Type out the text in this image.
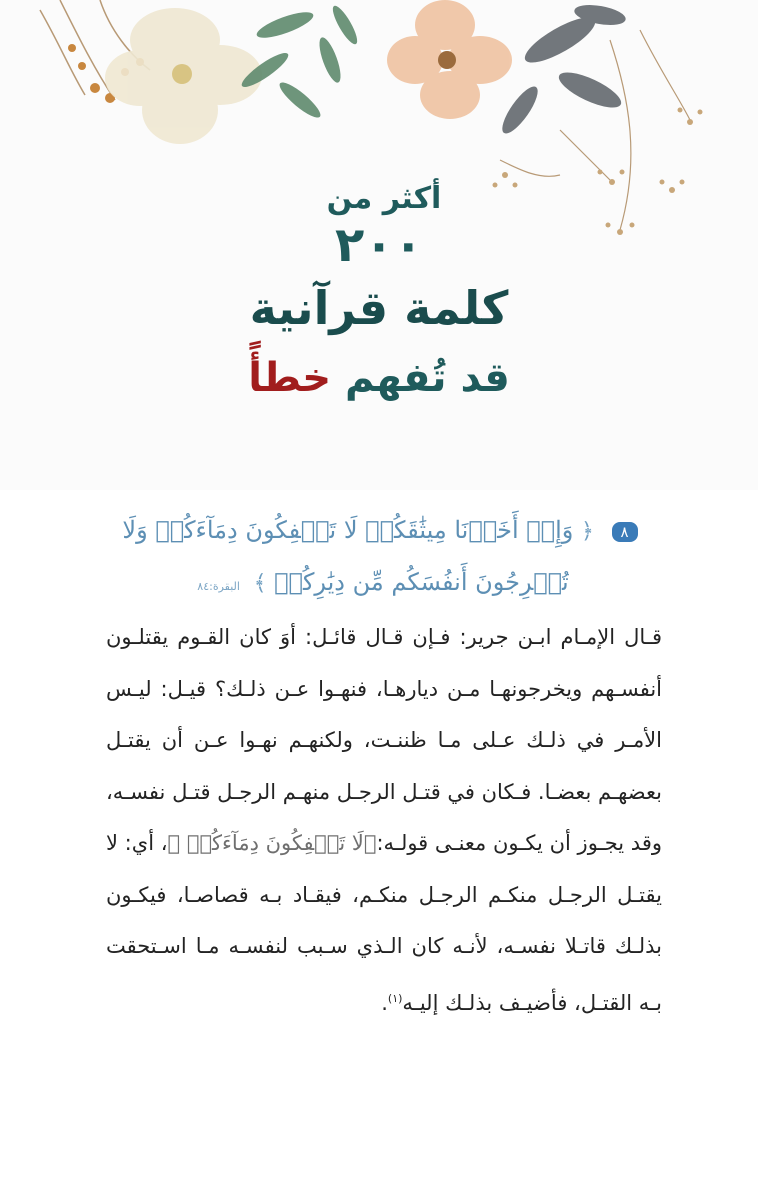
أكثر من
٢٠٠
كلمة قرآنية
قد تُفهم خطأً
٨ ﴿ وَإِذۡ أَخَذۡنَا مِيثَٰقَكُمۡ لَا تَسۡفِكُونَ دِمَآءَكُمۡ وَلَا تُخۡرِجُونَ أَنفُسَكُم مِّن دِيَٰرِكُمۡ ﴾ البقرة:٨٤
قـال الإمـام ابـن جرير: فـإن قـال قائـل: أوَ كان القـوم يقتلـون أنفسـهم ويخرجونهـا مـن ديارهـا، فنهـوا عـن ذلـك؟ قيـل: ليـس الأمـر في ذلـك عـلى مـا ظننـت، ولكنهـم نهـوا عـن أن يقتـل بعضهـم بعضـا. فـكان في قتـل الرجـل منهـم الرجـل قتـل نفسـه، وقد يجـوز أن يكـون معنـى قولـه:﴿لَا تَسۡفِكُونَ دِمَآءَكُمۡ ﴾، أي: لا يقتـل الرجـل منكـم الرجـل منكـم، فيقـاد بـه قصاصـا، فيكـون بذلـك قاتـلا نفسـه، لأنـه كان الـذي سـبب لنفسـه مـا اسـتحقت بـه القتـل، فأضيـف بذلـك إليـه$^{(١)}$.
